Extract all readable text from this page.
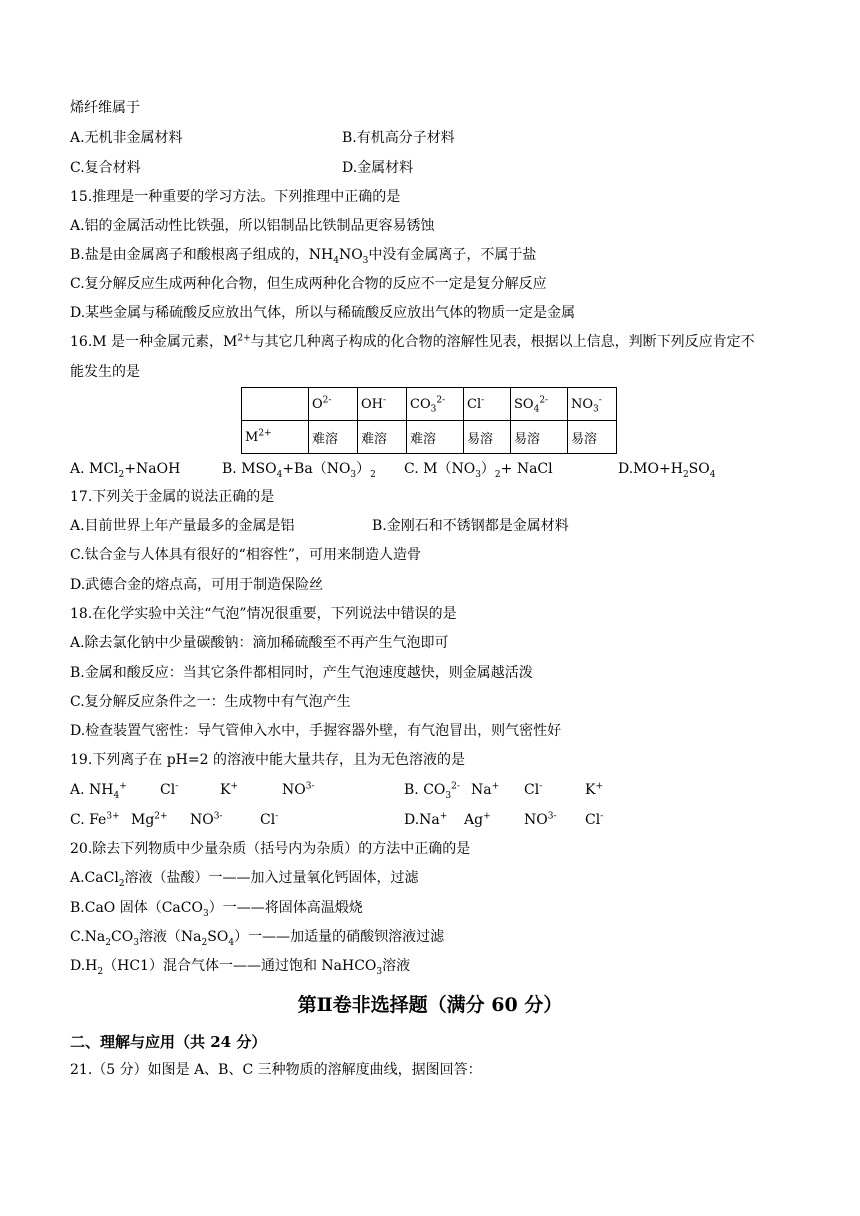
烯纤维属于
A.无机非金属材料	B.有机高分子材料
C.复合材料	D.金属材料
15.推理是一种重要的学习方法。下列推理中正确的是
A.铝的金属活动性比铁强，所以铝制品比铁制品更容易锈蚀
B.盐是由金属离子和酸根离子组成的，$NH_4NO_3$中没有金属离子，不属于盐
C.复分解反应生成两种化合物，但生成两种化合物的反应不一定是复分解反应
D.某些金属与稀硫酸反应放出气体，所以与稀硫酸反应放出气体的物质一定是金属
16.M 是一种金属元素，$M^{2+}$与其它几种离子构成的化合物的溶解性见表，根据以上信息，判断下列反应肯定不
能发生的是
	$O^{2-}$	OH-	$CO_3^{2-}$	Cl-	$SO_4^{2-}$	$NO_3^-$
$M^{2+}$	难溶	难溶	难溶	易溶	易溶	易溶
A. MCl$_2$+NaOH	B. $MSO_4+Ba(NO_3)_2$ C. $M(NO_3)_2+$ NaCl	$D.MO+H_2SO_4$
17.下列关于金属的说法正确的是
A.目前世界上年产量最多的金属是铝	B.金刚石和不锈钢都是金属材料
C.钛合金与人体具有很好的“相容性”，可用来制造人造骨
D.武德合金的熔点高，可用于制造保险丝
18.在化学实验中关注“气泡”情况很重要，下列说法中错误的是
A.除去氯化钠中少量碳酸钠：滴加稀硫酸至不再产生气泡即可
B.金属和酸反应：当其它条件都相同时，产生气泡速度越快，则金属越活泼
C.复分解反应条件之一：生成物中有气泡产生
D.检查装置气密性：导气管伸入水中，手握容器外壁，有气泡冒出，则气密性好
19.下列离子在 pH=2 的溶液中能大量共存，且为无色溶液的是
A. $NH_4^+$ Cl-	K+	$NO^{3-}$	B. $CO_3^{2-}$ Na+ Cl-	K+
C. $Fe^{3+}$ $Mg^{2+}$ $NO^{3-}$	Cl-	D.Na+ Ag+ $NO^{3-}$ Cl-
20.除去下列物质中少量杂质（括号内为杂质）的方法中正确的是
A.CaCl$_2$溶液（盐酸）一——加入过量氧化钙固体，过滤
B.CaO 固体（CaCO$_3$）一——将固体高温煅烧
$C.Na_2CO_3$溶液$(Na_2SO_4)$一——加适量的硝酸钡溶液过滤
$D.H_2(HC1)$混合气体一——通过饱和 NaHCO$_3$溶液
第Ⅱ卷非选择题（满分 60 分）
二、理解与应用（共 24 分）
21.（5 分）如图是 A、B、C 三种物质的溶解度曲线，据图回答：
